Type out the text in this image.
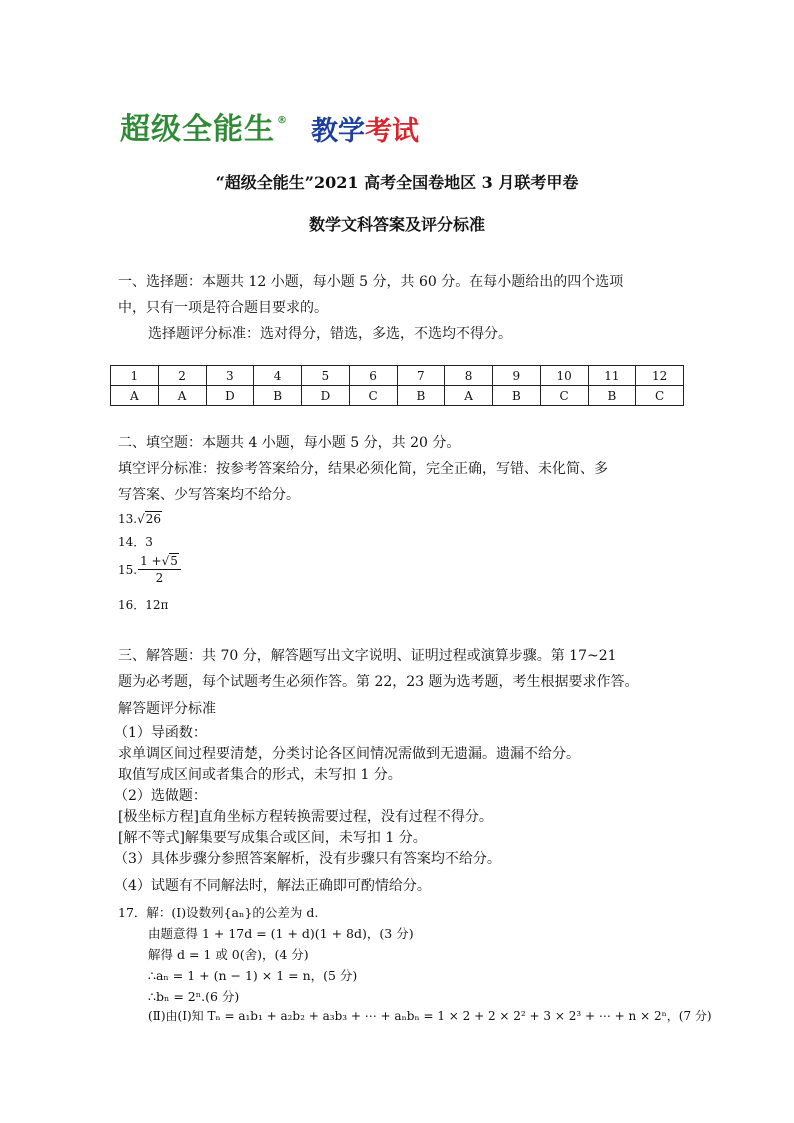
超级全能生 ® 教学 考试
“超级全能生”2021 高考全国卷地区 3 月联考甲卷
数学文科答案及评分标准

一、选择题：本题共 12 小题，每小题 5 分，共 60 分。在每小题给出的四个选项

中，只有一项是符合题目要求的。

选择题评分标准：选对得分，错选，多选，不选均不得分。

1	2	3	4	5	6	7	8	9	10	11	12
A	A	D	B	D	C	B	A	B	C	B	C

二、填空题：本题共 4 小题，每小题 5 分，共 20 分。

填空评分标准：按参考答案给分，结果必须化简，完全正确，写错、未化简、多

写答案、少写答案均不给分。

13.√26
14．3
15. $\frac{1 +√5}{2}$
16．12π

三、解答题：共 70 分，解答题写出文字说明、证明过程或演算步骤。第 17~21

题为必考题，每个试题考生必须作答。第 22，23 题为选考题，考生根据要求作答。

解答题评分标准

（1）导函数：

求单调区间过程要清楚，分类讨论各区间情况需做到无遗漏。遗漏不给分。

取值写成区间或者集合的形式，未写扣 1 分。

（2）选做题：

[极坐标方程]直角坐标方程转换需要过程，没有过程不得分。

[解不等式]解集要写成集合或区间，未写扣 1 分。

（3）具体步骤分参照答案解析，没有步骤只有答案均不给分。

（4）试题有不同解法时，解法正确即可酌情给分。

17．解：(Ⅰ)设数列{aₙ}的公差为 d.
由题意得 1 + 17d = (1 + d)(1 + 8d)，(3 分)
解得 d = 1 或 0(舍)，(4 分)
∴aₙ = 1 + (n − 1) × 1 = n，(5 分)
∴bₙ = 2ⁿ.(6 分)
(Ⅱ)由(Ⅰ)知 Tₙ = a₁b₁ + a₂b₂ + a₃b₃ + ⋯ + aₙbₙ = 1 × 2 + 2 × 2² + 3 × 2³ + ⋯ + n × 2ⁿ，(7 分)
